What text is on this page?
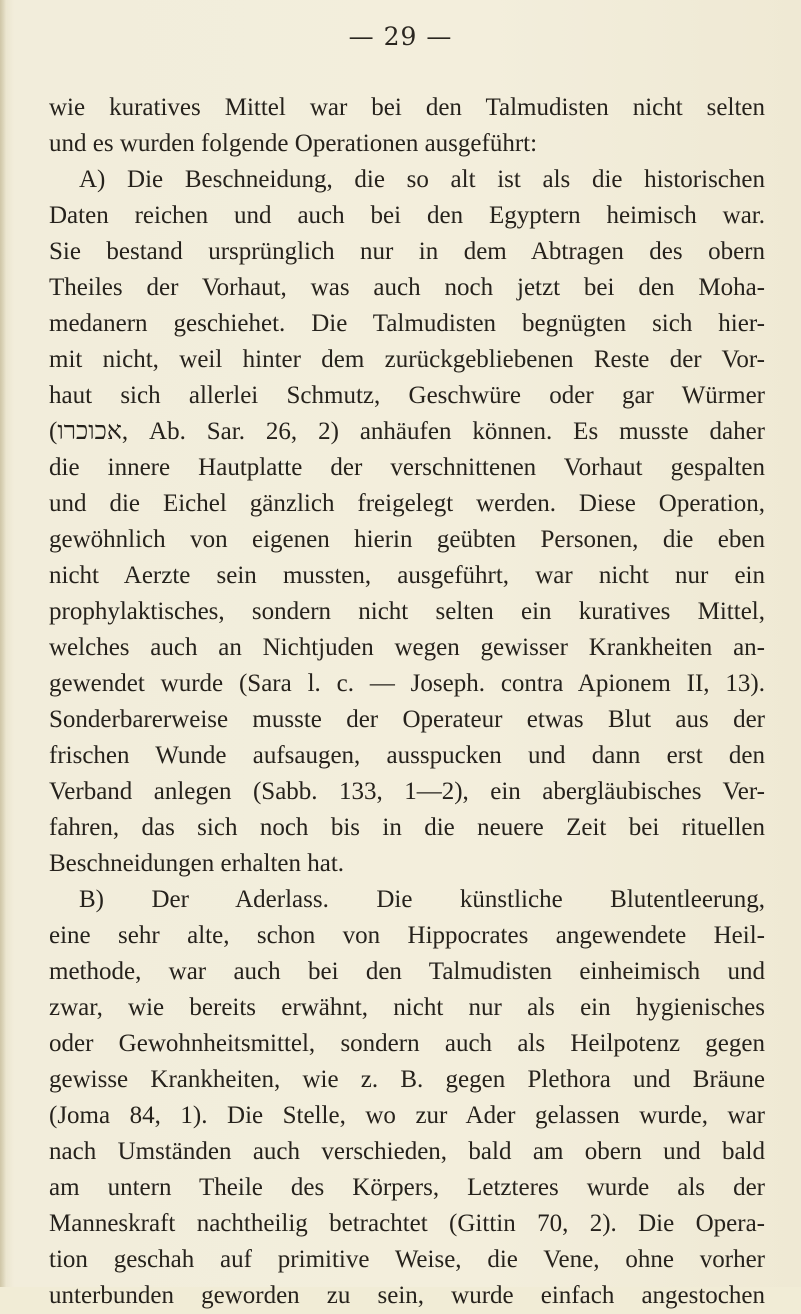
— 29 —
wie kuratives Mittel war bei den Talmudisten nicht selten
und es wurden folgende Operationen ausgeführt:
A) Die Beschneidung, die so alt ist als die historischen
Daten reichen und auch bei den Egyptern heimisch war.
Sie bestand ursprünglich nur in dem Abtragen des obern
Theiles der Vorhaut, was auch noch jetzt bei den Moha-
medanern geschiehet. Die Talmudisten begnügten sich hier-
mit nicht, weil hinter dem zurückgebliebenen Reste der Vor-
haut sich allerlei Schmutz, Geschwüre oder gar Würmer
(אכוכרו, Ab. Sar. 26, 2) anhäufen können. Es musste daher
die innere Hautplatte der verschnittenen Vorhaut gespalten
und die Eichel gänzlich freigelegt werden. Diese Operation,
gewöhnlich von eigenen hierin geübten Personen, die eben
nicht Aerzte sein mussten, ausgeführt, war nicht nur ein
prophylaktisches, sondern nicht selten ein kuratives Mittel,
welches auch an Nichtjuden wegen gewisser Krankheiten an-
gewendet wurde (Sara l. c. — Joseph. contra Apionem II, 13).
Sonderbarerweise musste der Operateur etwas Blut aus der
frischen Wunde aufsaugen, ausspucken und dann erst den
Verband anlegen (Sabb. 133, 1—2), ein abergläubisches Ver-
fahren, das sich noch bis in die neuere Zeit bei rituellen
Beschneidungen erhalten hat.
B) Der Aderlass. Die künstliche Blutentleerung,
eine sehr alte, schon von Hippocrates angewendete Heil-
methode, war auch bei den Talmudisten einheimisch und
zwar, wie bereits erwähnt, nicht nur als ein hygienisches
oder Gewohnheitsmittel, sondern auch als Heilpotenz gegen
gewisse Krankheiten, wie z. B. gegen Plethora und Bräune
(Joma 84, 1). Die Stelle, wo zur Ader gelassen wurde, war
nach Umständen auch verschieden, bald am obern und bald
am untern Theile des Körpers, Letzteres wurde als der
Manneskraft nachtheilig betrachtet (Gittin 70, 2). Die Opera-
tion geschah auf primitive Weise, die Vene, ohne vorher
unterbunden geworden zu sein, wurde einfach angestochen
